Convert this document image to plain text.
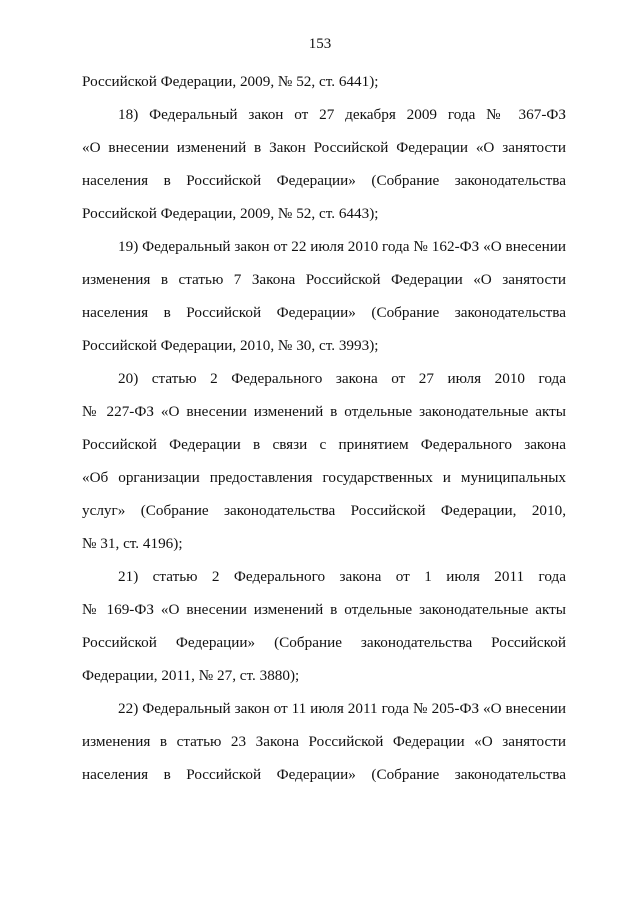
153
Российской Федерации, 2009, № 52, ст. 6441);
18) Федеральный закон от 27 декабря 2009 года № 367-ФЗ
«О внесении изменений в Закон Российской Федерации «О занятости
населения в Российской Федерации» (Собрание законодательства
Российской Федерации, 2009, № 52, ст. 6443);
19) Федеральный закон от 22 июля 2010 года № 162-ФЗ «О внесении
изменения в статью 7 Закона Российской Федерации «О занятости
населения в Российской Федерации» (Собрание законодательства
Российской Федерации, 2010, № 30, ст. 3993);
20) статью 2 Федерального закона от 27 июля 2010 года
№ 227-ФЗ «О внесении изменений в отдельные законодательные акты
Российской Федерации в связи с принятием Федерального закона
«Об организации предоставления государственных и муниципальных
услуг» (Собрание законодательства Российской Федерации, 2010,
№ 31, ст. 4196);
21) статью 2 Федерального закона от 1 июля 2011 года
№ 169-ФЗ «О внесении изменений в отдельные законодательные акты
Российской Федерации» (Собрание законодательства Российской
Федерации, 2011, № 27, ст. 3880);
22) Федеральный закон от 11 июля 2011 года № 205-ФЗ «О внесении
изменения в статью 23 Закона Российской Федерации «О занятости
населения в Российской Федерации» (Собрание законодательства
